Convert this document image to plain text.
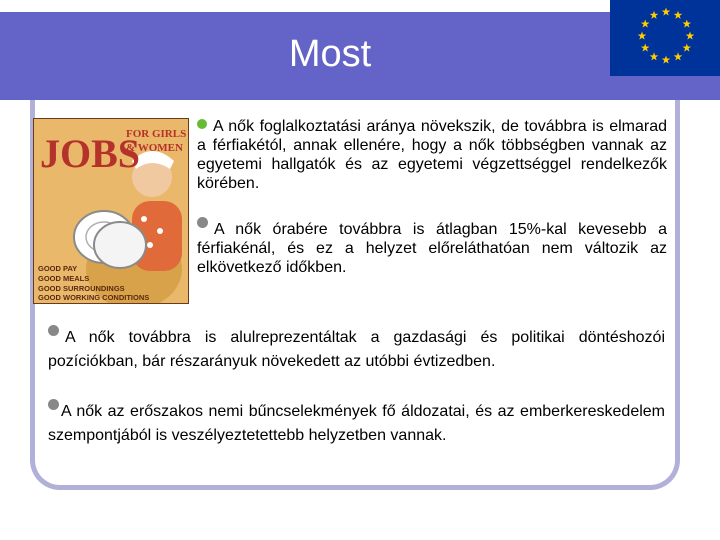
Most
JOBS
FOR GIRLS
& WOMEN
GOOD PAY
GOOD MEALS
GOOD SURROUNDINGS
GOOD WORKING CONDITIONS

A nők foglalkoztatási aránya növekszik, de továbbra is elmarad a férfiakétól, annak ellenére, hogy a nők többségben vannak az egyetemi hallgatók és az egyetemi végzettséggel rendelkezők körében.

A nők órabére továbbra is átlagban 15%-kal kevesebb a férfiakénál, és ez a helyzet előreláthatóan nem változik az elkövetkező időkben.

A nők továbbra is alulreprezentáltak a gazdasági és politikai döntéshozói pozíciókban, bár részarányuk növekedett az utóbbi évtizedben.

A nők az erőszakos nemi bűncselekmények fő áldozatai, és az emberkereskedelem szempontjából is veszélyeztetettebb helyzetben vannak.
